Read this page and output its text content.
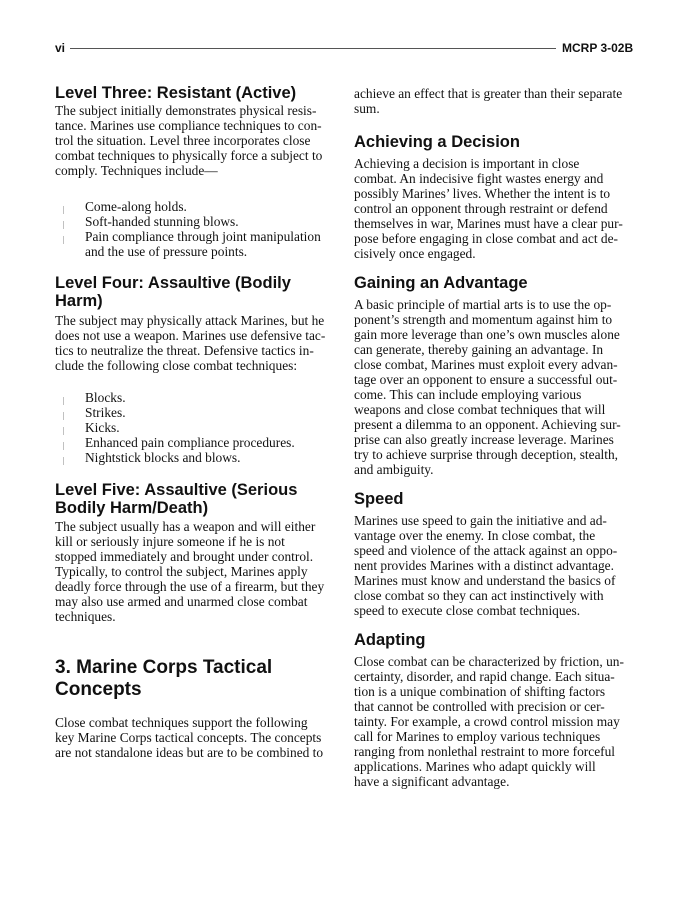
vi	MCRP 3-02B
Level Three: Resistant (Active)
The subject initially demonstrates physical resis-
tance. Marines use compliance techniques to con-
trol the situation. Level three incorporates close
combat techniques to physically force a subject to
comply. Techniques include—
| Come-along holds.
| Soft-handed stunning blows.
| Pain compliance through joint manipulation
and the use of pressure points.
Level Four: Assaultive (Bodily
Harm)
The subject may physically attack Marines, but he
does not use a weapon. Marines use defensive tac-
tics to neutralize the threat. Defensive tactics in-
clude the following close combat techniques:
| Blocks.
| Strikes.
| Kicks.
| Enhanced pain compliance procedures.
| Nightstick blocks and blows.
Level Five: Assaultive (Serious
Bodily Harm/Death)
The subject usually has a weapon and will either
kill or seriously injure someone if he is not
stopped immediately and brought under control.
Typically, to control the subject, Marines apply
deadly force through the use of a firearm, but they
may also use armed and unarmed close combat
techniques.
3. Marine Corps Tactical
Concepts
Close combat techniques support the following
key Marine Corps tactical concepts. The concepts
are not standalone ideas but are to be combined to
achieve an effect that is greater than their separate
sum.
Achieving a Decision
Achieving a decision is important in close
combat. An indecisive fight wastes energy and
possibly Marines’ lives. Whether the intent is to
control an opponent through restraint or defend
themselves in war, Marines must have a clear pur-
pose before engaging in close combat and act de-
cisively once engaged.
Gaining an Advantage
A basic principle of martial arts is to use the op-
ponent’s strength and momentum against him to
gain more leverage than one’s own muscles alone
can generate, thereby gaining an advantage. In
close combat, Marines must exploit every advan-
tage over an opponent to ensure a successful out-
come. This can include employing various
weapons and close combat techniques that will
present a dilemma to an opponent. Achieving sur-
prise can also greatly increase leverage. Marines
try to achieve surprise through deception, stealth,
and ambiguity.
Speed
Marines use speed to gain the initiative and ad-
vantage over the enemy. In close combat, the
speed and violence of the attack against an oppo-
nent provides Marines with a distinct advantage.
Marines must know and understand the basics of
close combat so they can act instinctively with
speed to execute close combat techniques.
Adapting
Close combat can be characterized by friction, un-
certainty, disorder, and rapid change. Each situa-
tion is a unique combination of shifting factors
that cannot be controlled with precision or cer-
tainty. For example, a crowd control mission may
call for Marines to employ various techniques
ranging from nonlethal restraint to more forceful
applications. Marines who adapt quickly will
have a significant advantage.
